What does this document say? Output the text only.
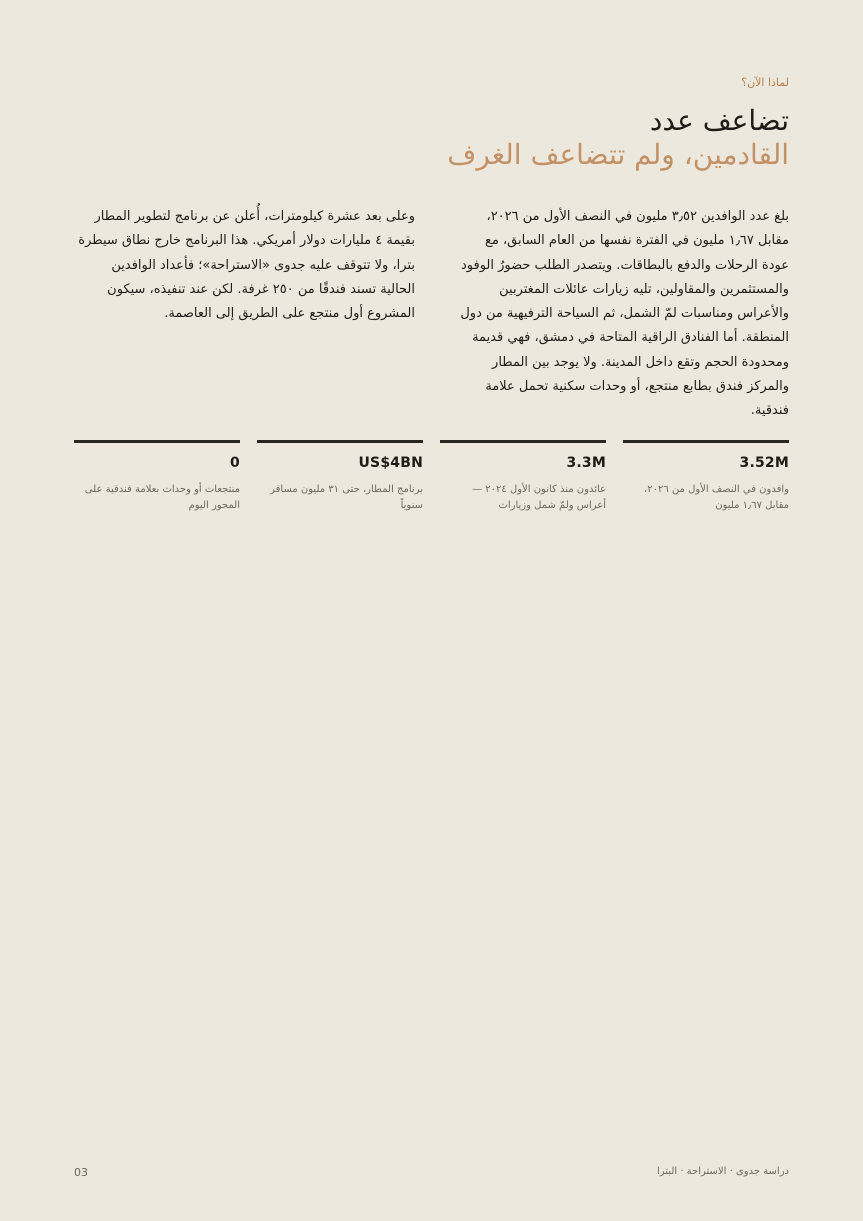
لماذا الآن؟
تضاعف عدد
القادمين، ولم تتضاعف الغرف

بلغ عدد الوافدين ٣٫٥٢ مليون في النصف الأول من ٢٠٢٦، مقابل ١٫٦٧ مليون في الفترة نفسها من العام السابق، مع عودة الرحلات والدفع بالبطاقات. ويتصدر الطلب حضورُ الوفود والمستثمرين والمقاولين، تليه زيارات عائلات المغتربين والأعراس ومناسبات لمّ الشمل، ثم السياحة الترفيهية من دول المنطقة. أما الفنادق الراقية المتاحة في دمشق، فهي قديمة ومحدودة الحجم وتقع داخل المدينة. ولا يوجد بين المطار والمركز فندق بطابع منتجع، أو وحدات سكنية تحمل علامة فندقية.

وعلى بعد عشرة كيلومترات، أُعلن عن برنامج لتطوير المطار بقيمة ٤ مليارات دولار أمريكي. هذا البرنامج خارج نطاق سيطرة بترا، ولا تتوقف عليه جدوى «الاستراحة»؛ فأعداد الوافدين الحالية تسند فندقًا من ٢٥٠ غرفة. لكن عند تنفيذه، سيكون المشروع أول منتجع على الطريق إلى العاصمة.

3.52M
وافدون في النصف الأول من ٢٠٢٦، مقابل ١٫٦٧ مليون
3.3M
عائدون منذ كانون الأول ٢٠٢٤ — أعراس ولمّ شمل وزيارات
US$4BN
برنامج المطار، حتى ٣١ مليون مسافر سنوياً
0
منتجعات أو وحدات بعلامة فندقية على المحور اليوم
03	دراسة جدوى · الاستراحة · البترا
